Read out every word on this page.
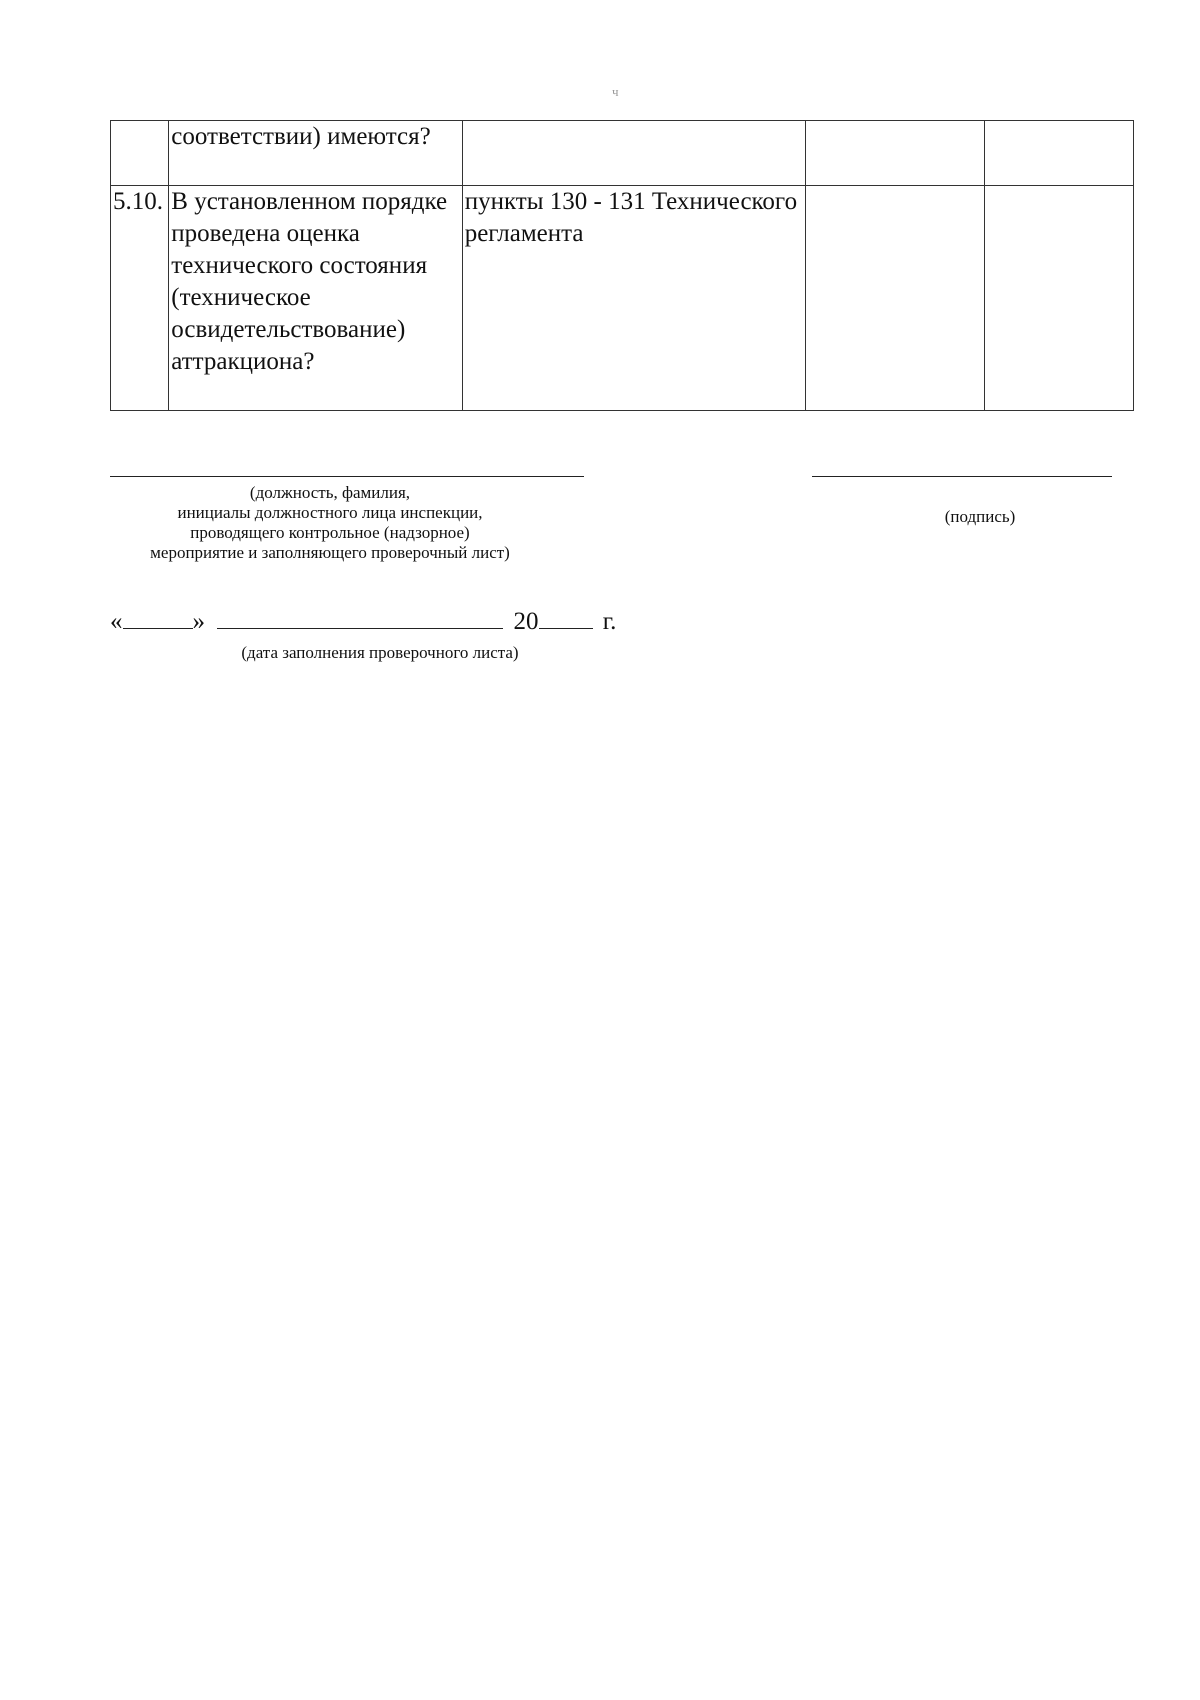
ч
	соответствии) имеются?			
5.10.	В установленном порядке проведена оценка технического состояния (техническое освидетельствование) аттракциона?	пункты 130 - 131 Технического регламента		
(должность, фамилия,
инициалы должностного лица инспекции,
проводящего контрольное (надзорное)
мероприятие и заполняющего проверочный лист)
(подпись)
«	»	20	г.
(дата заполнения проверочного листа)
